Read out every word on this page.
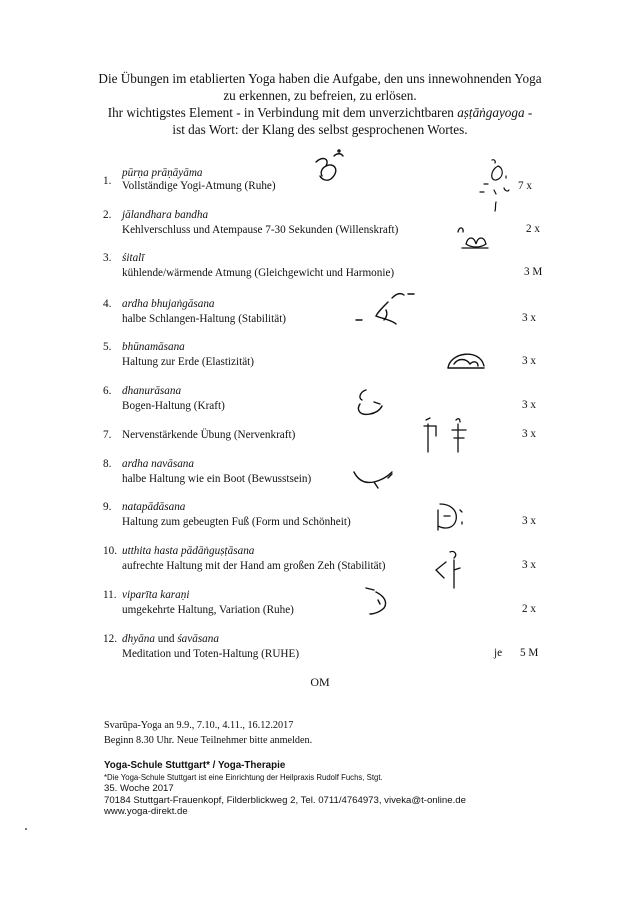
Die Übungen im etablierten Yoga haben die Aufgabe, den uns innewohnenden Yoga

zu erkennen, zu befreien, zu erlösen.

Ihr wichtigstes Element - in Verbindung mit dem unverzichtbaren aṣṭāṅgayoga -

ist das Wort: der Klang des selbst gesprochenen Wortes.

1.
pūrṇa prāṇāyāma
Vollständige Yogi-Atmung (Ruhe)	7 x
2. jālandhara bandha
Kehlverschluss und Atempause 7-30 Sekunden (Willenskraft)	2 x
3. śitalī
kühlende/wärmende Atmung (Gleichgewicht und Harmonie)	3 M
4. ardha bhujaṅgāsana
halbe Schlangen-Haltung (Stabilität)	3 x
5. bhūnamāsana
Haltung zur Erde (Elastizität)	3 x
6. dhanurāsana
Bogen-Haltung (Kraft)	3 x
7. Nervenstärkende Übung (Nervenkraft)	3 x
8. ardha navāsana
halbe Haltung wie ein Boot (Bewusstsein)
9. natapādāsana
Haltung zum gebeugten Fuß (Form und Schönheit)	3 x
10. utthita hasta pādāṅguṣṭāsana
aufrechte Haltung mit der Hand am großen Zeh (Stabilität)	3 x
11. viparīta karaṇi
umgekehrte Haltung, Variation (Ruhe)	2 x
12. dhyāna und śavāsana
Meditation und Toten-Haltung (RUHE)	je 5 M
OM

Svarūpa-Yoga an 9.9., 7.10., 4.11., 16.12.2017

Beginn 8.30 Uhr. Neue Teilnehmer bitte anmelden.

Yoga-Schule Stuttgart* / Yoga-Therapie

*Die Yoga-Schule Stuttgart ist eine Einrichtung der Heilpraxis Rudolf Fuchs, Stgt.

35. Woche 2017

70184 Stuttgart-Frauenkopf, Filderblickweg 2, Tel. 0711/4764973, viveka@t-online.de

www.yoga-direkt.de
